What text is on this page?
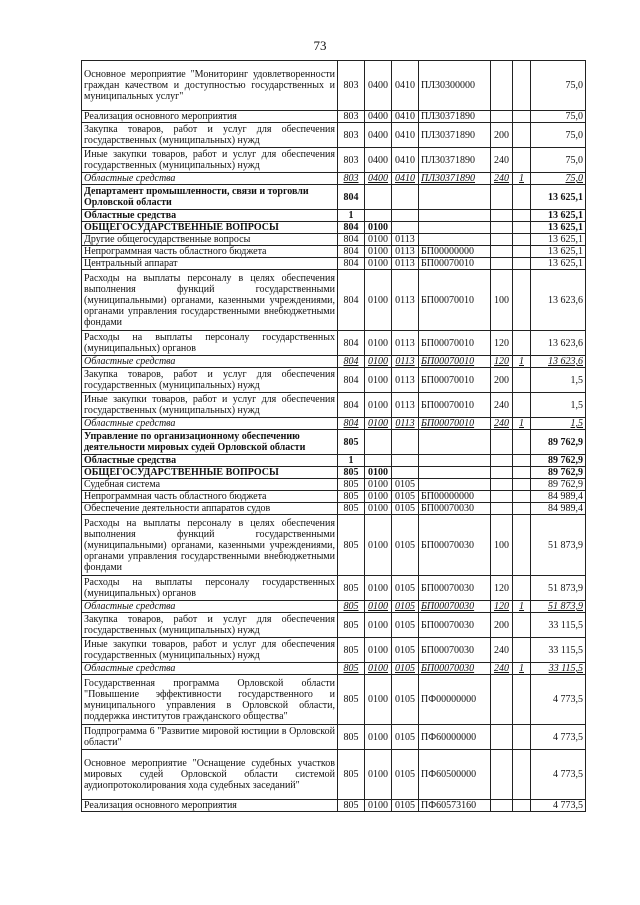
73
Основное мероприятие "Мониторинг удовлетворенности граждан качеством и доступностью государственных и муниципальных услуг"	803	0400	0410	ПЛ30300000			75,0
Реализация основного мероприятия	803	0400	0410	ПЛ30371890			75,0
Закупка товаров, работ и услуг для обеспечения государственных (муниципальных) нужд	803	0400	0410	ПЛ30371890	200		75,0
Иные закупки товаров, работ и услуг для обеспечения государственных (муниципальных) нужд	803	0400	0410	ПЛ30371890	240		75,0
Областные средства	803	0400	0410	ПЛ30371890	240	1	75,0
Департамент промышленности, связи и торговли Орловской области	804						13 625,1
Областные средства	1						13 625,1
ОБЩЕГОСУДАРСТВЕННЫЕ ВОПРОСЫ	804	0100					13 625,1
Другие общегосударственные вопросы	804	0100	0113				13 625,1
Непрограммная часть областного бюджета	804	0100	0113	БП00000000			13 625,1
Центральный аппарат	804	0100	0113	БП00070010			13 625,1
Расходы на выплаты персоналу в целях обеспечения выполнения функций государственными (муниципальными) органами, казенными учреждениями, органами управления государственными внебюджетными фондами	804	0100	0113	БП00070010	100		13 623,6
Расходы на выплаты персоналу государственных (муниципальных) органов	804	0100	0113	БП00070010	120		13 623,6
Областные средства	804	0100	0113	БП00070010	120	1	13 623,6
Закупка товаров, работ и услуг для обеспечения государственных (муниципальных) нужд	804	0100	0113	БП00070010	200		1,5
Иные закупки товаров, работ и услуг для обеспечения государственных (муниципальных) нужд	804	0100	0113	БП00070010	240		1,5
Областные средства	804	0100	0113	БП00070010	240	1	1,5
Управление по организационному обеспечению деятельности мировых судей Орловской области	805						89 762,9
Областные средства	1						89 762,9
ОБЩЕГОСУДАРСТВЕННЫЕ ВОПРОСЫ	805	0100					89 762,9
Судебная система	805	0100	0105				89 762,9
Непрограммная часть областного бюджета	805	0100	0105	БП00000000			84 989,4
Обеспечение деятельности аппаратов судов	805	0100	0105	БП00070030			84 989,4
Расходы на выплаты персоналу в целях обеспечения выполнения функций государственными (муниципальными) органами, казенными учреждениями, органами управления государственными внебюджетными фондами	805	0100	0105	БП00070030	100		51 873,9
Расходы на выплаты персоналу государственных (муниципальных) органов	805	0100	0105	БП00070030	120		51 873,9
Областные средства	805	0100	0105	БП00070030	120	1	51 873,9
Закупка товаров, работ и услуг для обеспечения государственных (муниципальных) нужд	805	0100	0105	БП00070030	200		33 115,5
Иные закупки товаров, работ и услуг для обеспечения государственных (муниципальных) нужд	805	0100	0105	БП00070030	240		33 115,5
Областные средства	805	0100	0105	БП00070030	240	1	33 115,5
Государственная программа Орловской области "Повышение эффективности государственного и муниципального управления в Орловской области, поддержка институтов гражданского общества"	805	0100	0105	ПФ00000000			4 773,5
Подпрограмма 6 "Развитие мировой юстиции в Орловской области"	805	0100	0105	ПФ60000000			4 773,5
Основное мероприятие "Оснащение судебных участков мировых судей Орловской области системой аудиопротоколирования хода судебных заседаний"	805	0100	0105	ПФ60500000			4 773,5
Реализация основного мероприятия	805	0100	0105	ПФ60573160			4 773,5
